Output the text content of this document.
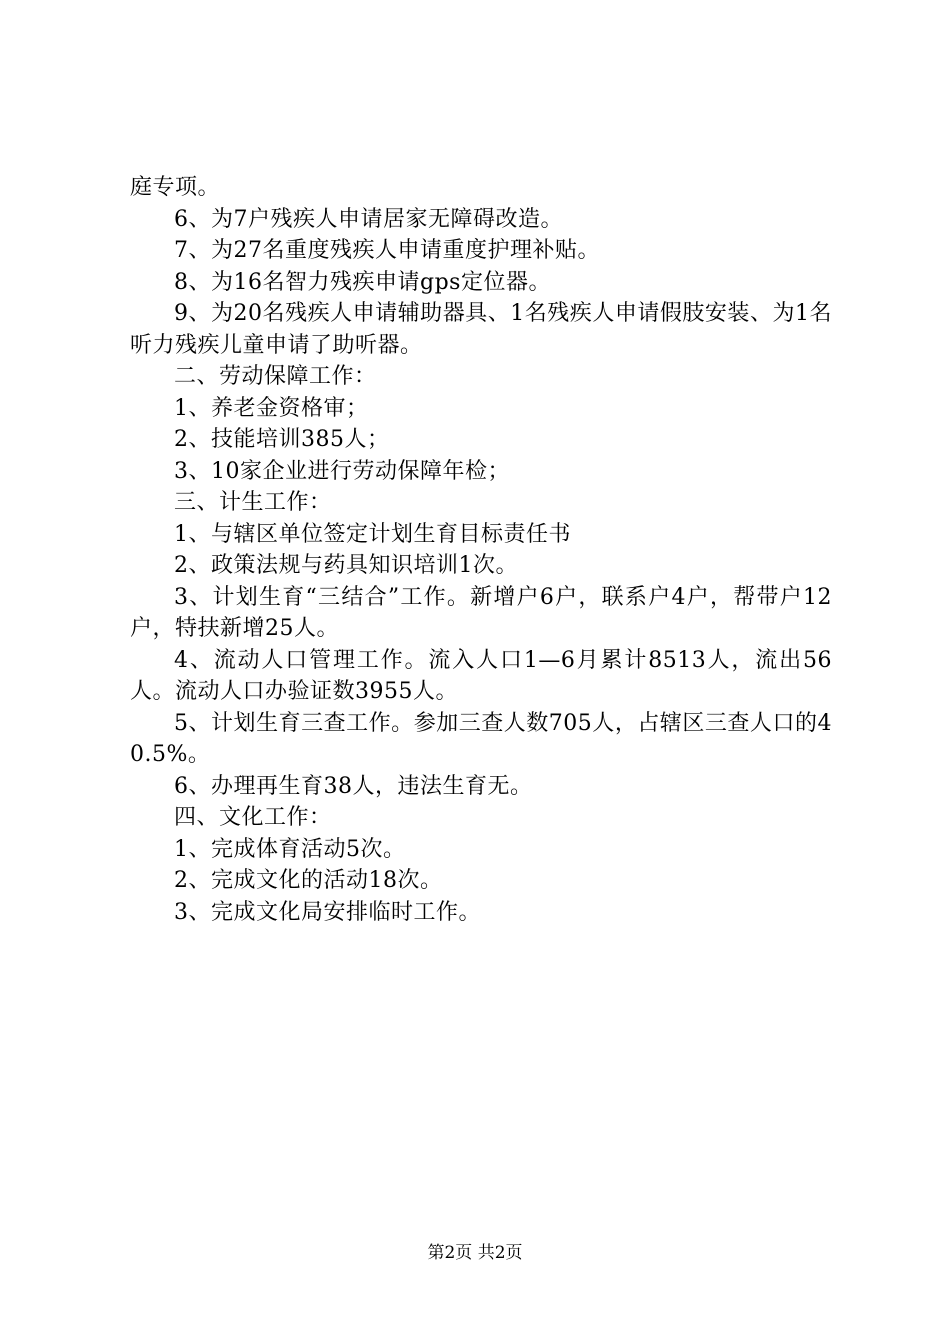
庭专项。

6、为7户残疾人申请居家无障碍改造。

7、为27名重度残疾人申请重度护理补贴。

8、为16名智力残疾申请gps定位器。

9、为20名残疾人申请辅助器具、1名残疾人申请假肢安装、为1名听力残疾儿童申请了助听器。

二、劳动保障工作：

1、养老金资格审；

2、技能培训385人；

3、10家企业进行劳动保障年检；

三、计生工作：

1、与辖区单位签定计划生育目标责任书

2、政策法规与药具知识培训1次。

3、计划生育“三结合”工作。新增户6户，联系户4户，帮带户12户，特扶新增25人。

4、流动人口管理工作。流入人口1—6月累计8513人，流出56人。流动人口办验证数3955人。

5、计划生育三查工作。参加三查人数705人，占辖区三查人口的40.5%。

6、办理再生育38人，违法生育无。

四、文化工作：

1、完成体育活动5次。

2、完成文化的活动18次。

3、完成文化局安排临时工作。

第2页 共2页
